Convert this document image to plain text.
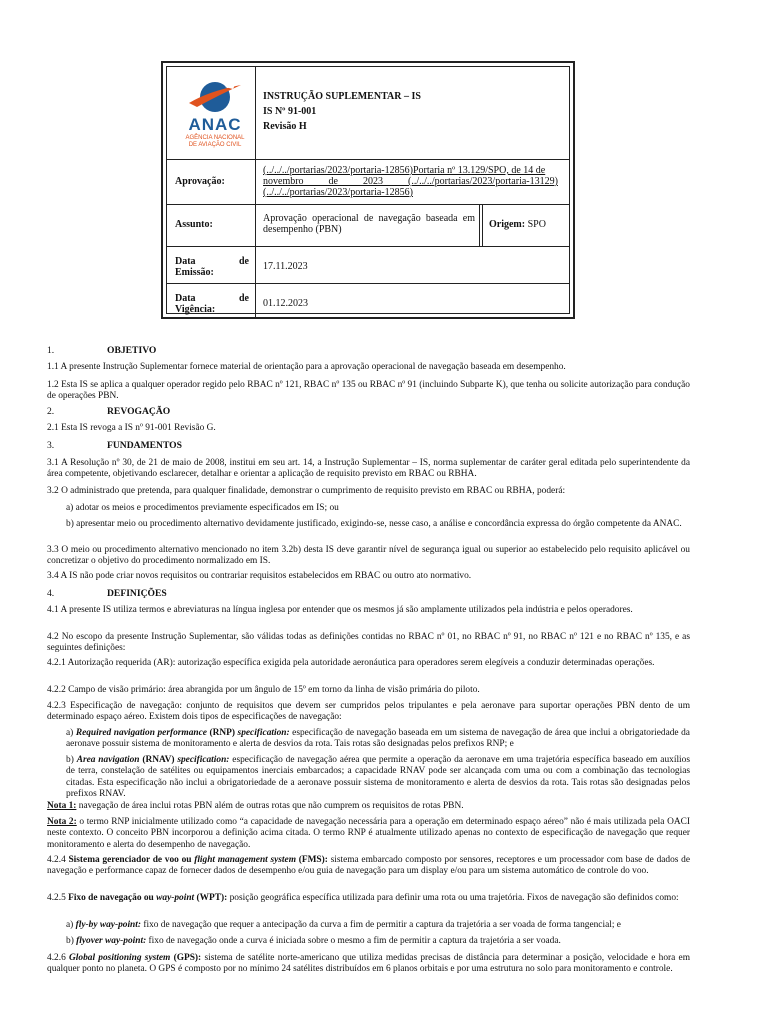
ANAC
AGÊNCIA NACIONAL
DE AVIAÇÃO CIVIL
INSTRUÇÃO SUPLEMENTAR – IS
IS Nº 91-001
Revisão H
Aprovação:
(../../../portarias/2023/portaria-12856)Portaria nº 13.129/SPO, de 14 de
novembro          de          2023          (../../../portarias/2023/portaria-13129)
(../../../portarias/2023/portaria-12856)
Assunto:
Aprovação operacional de navegação baseada em desempenho (PBN)	Origem: SPO
Data	de
Emissão:
17.11.2023
Data	de
Vigência:
01.12.2023
1.	OBJETIVO
1.1 A presente Instrução Suplementar fornece material de orientação para a aprovação operacional de navegação baseada em desempenho.
1.2 Esta IS se aplica a qualquer operador regido pelo RBAC nº 121, RBAC nº 135 ou RBAC nº 91 (incluindo Subparte K), que tenha ou solicite autorização para condução de operações PBN.
2.	REVOGAÇÃO
2.1 Esta IS revoga a IS nº 91-001 Revisão G.
3.	FUNDAMENTOS
3.1 A Resolução nº 30, de 21 de maio de 2008, institui em seu art. 14, a Instrução Suplementar – IS, norma suplementar de caráter geral editada pelo superintendente da área competente, objetivando esclarecer, detalhar e orientar a aplicação de requisito previsto em RBAC ou RBHA.
3.2 O administrado que pretenda, para qualquer finalidade, demonstrar o cumprimento de requisito previsto em RBAC ou RBHA, poderá:
a) adotar os meios e procedimentos previamente especificados em IS; ou
b) apresentar meio ou procedimento alternativo devidamente justificado, exigindo-se, nesse caso, a análise e concordância expressa do órgão competente da ANAC.
3.3 O meio ou procedimento alternativo mencionado no item 3.2b) desta IS deve garantir nível de segurança igual ou superior ao estabelecido pelo requisito aplicável ou concretizar o objetivo do procedimento normalizado em IS.
3.4 A IS não pode criar novos requisitos ou contrariar requisitos estabelecidos em RBAC ou outro ato normativo.
4.	DEFINIÇÕES
4.1 A presente IS utiliza termos e abreviaturas na língua inglesa por entender que os mesmos já são amplamente utilizados pela indústria e pelos operadores.
4.2 No escopo da presente Instrução Suplementar, são válidas todas as definições contidas no RBAC nº 01, no RBAC nº 91, no RBAC nº 121 e no RBAC nº 135, e as seguintes definições:
4.2.1 Autorização requerida (AR): autorização específica exigida pela autoridade aeronáutica para operadores serem elegíveis a conduzir determinadas operações.
4.2.2 Campo de visão primário: área abrangida por um ângulo de 15º em torno da linha de visão primária do piloto.
4.2.3 Especificação de navegação: conjunto de requisitos que devem ser cumpridos pelos tripulantes e pela aeronave para suportar operações PBN dento de um determinado espaço aéreo. Existem dois tipos de especificações de navegação:
a) Required navigation performance (RNP) specification: especificação de navegação baseada em um sistema de navegação de área que inclui a obrigatoriedade da aeronave possuir sistema de monitoramento e alerta de desvios da rota. Tais rotas são designadas pelos prefixos RNP; e
b) Area navigation (RNAV) specification: especificação de navegação aérea que permite a operação da aeronave em uma trajetória específica baseado em auxílios de terra, constelação de satélites ou equipamentos inerciais embarcados; a capacidade RNAV pode ser alcançada com uma ou com a combinação das tecnologias citadas. Esta especificação não inclui a obrigatoriedade de a aeronave possuir sistema de monitoramento e alerta de desvios da rota. Tais rotas são designadas pelos prefixos RNAV.
Nota 1: navegação de área inclui rotas PBN além de outras rotas que não cumprem os requisitos de rotas PBN.
Nota 2: o termo RNP inicialmente utilizado como “a capacidade de navegação necessária para a operação em determinado espaço aéreo” não é mais utilizada pela OACI neste contexto. O conceito PBN incorporou a definição acima citada. O termo RNP é atualmente utilizado apenas no contexto de especificação de navegação que requer monitoramento e alerta do desempenho de navegação.
4.2.4 Sistema gerenciador de voo ou flight management system (FMS): sistema embarcado composto por sensores, receptores e um processador com base de dados de navegação e performance capaz de fornecer dados de desempenho e/ou guia de navegação para um display e/ou para um sistema automático de controle do voo.
4.2.5 Fixo de navegação ou way-point (WPT): posição geográfica específica utilizada para definir uma rota ou uma trajetória. Fixos de navegação são definidos como:
a) fly-by way-point: fixo de navegação que requer a antecipação da curva a fim de permitir a captura da trajetória a ser voada de forma tangencial; e
b) flyover way-point: fixo de navegação onde a curva é iniciada sobre o mesmo a fim de permitir a captura da trajetória a ser voada.
4.2.6 Global positioning system (GPS): sistema de satélite norte-americano que utiliza medidas precisas de distância para determinar a posição, velocidade e hora em qualquer ponto no planeta. O GPS é composto por no mínimo 24 satélites distribuídos em 6 planos orbitais e por uma estrutura no solo para monitoramento e controle.
